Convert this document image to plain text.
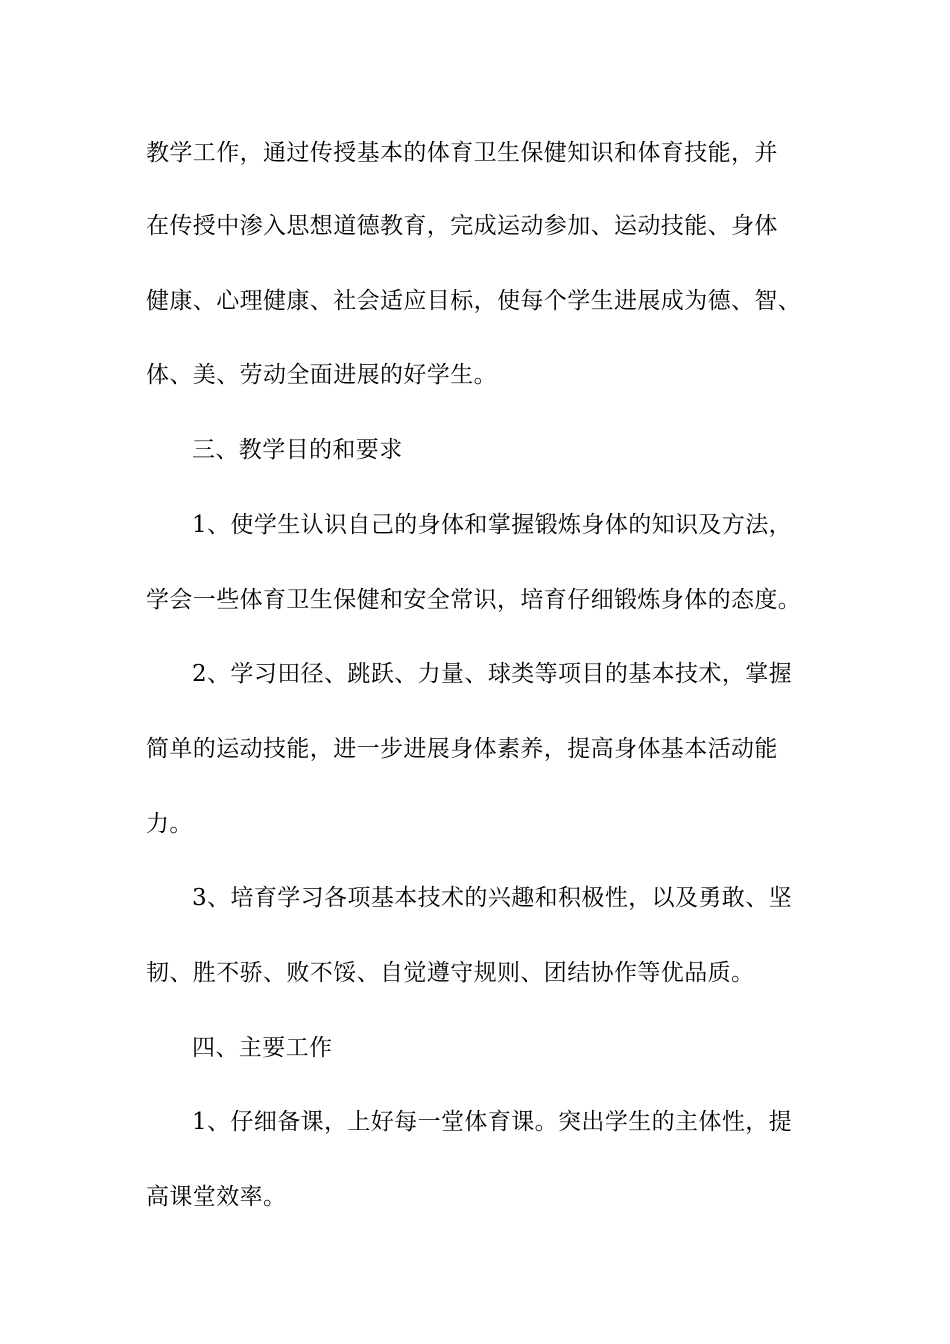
教学工作，通过传授基本的体育卫生保健知识和体育技能，并
在传授中渗入思想道德教育，完成运动参加、运动技能、身体
健康、心理健康、社会适应目标，使每个学生进展成为德、智、
体、美、劳动全面进展的好学生。
三、教学目的和要求
1、使学生认识自己的身体和掌握锻炼身体的知识及方法，
学会一些体育卫生保健和安全常识，培育仔细锻炼身体的态度。
2、学习田径、跳跃、力量、球类等项目的基本技术，掌握
简单的运动技能，进一步进展身体素养，提高身体基本活动能
力。
3、培育学习各项基本技术的兴趣和积极性，以及勇敢、坚
韧、胜不骄、败不馁、自觉遵守规则、团结协作等优品质。
四、主要工作
1、仔细备课，上好每一堂体育课。突出学生的主体性，提
高课堂效率。
